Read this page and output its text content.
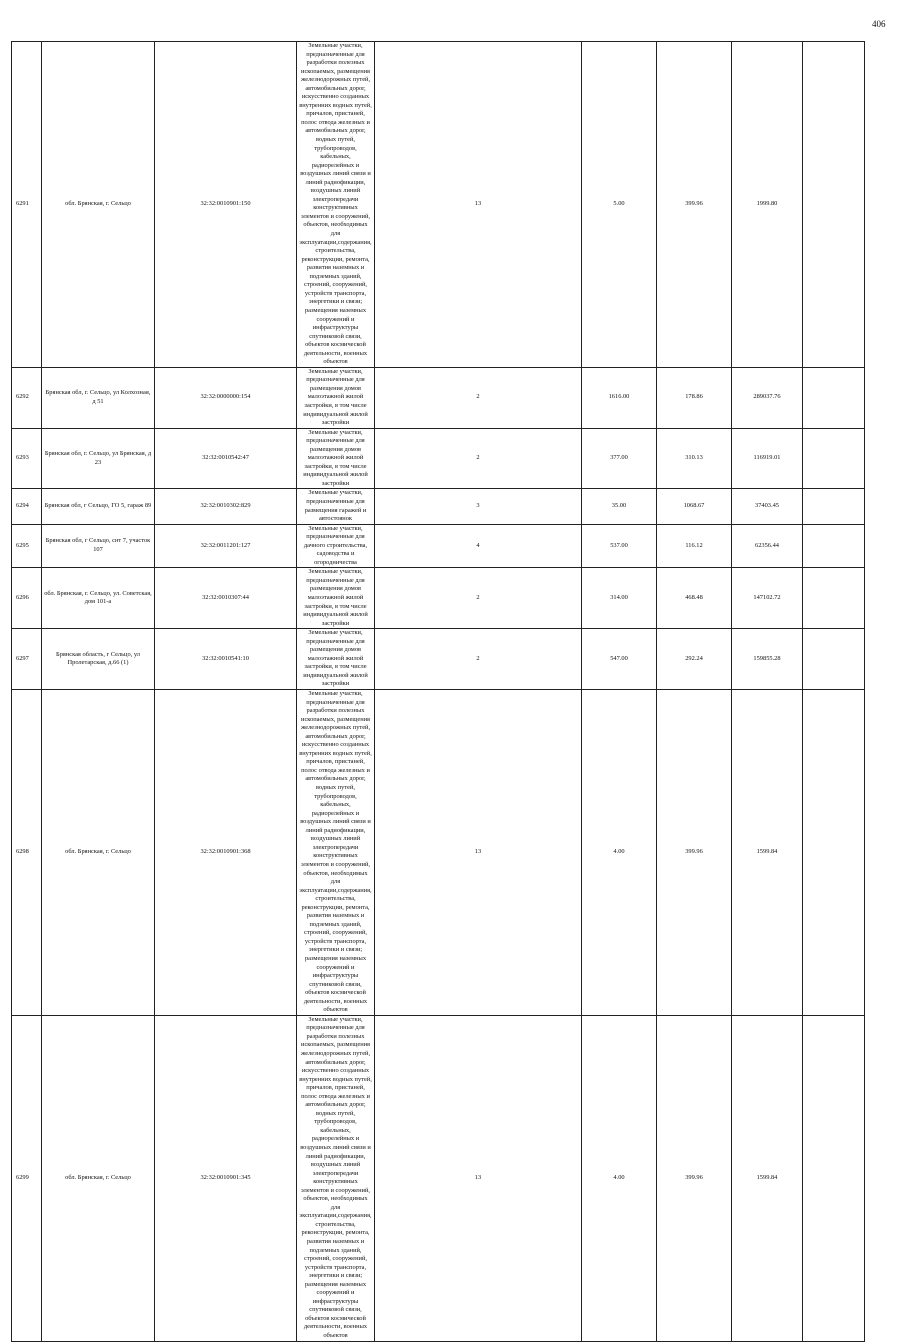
406
6291	обл. Брянская, г. Сельцо	32:32:0010901:150	Земельные участки, предназначенные для разработки полезных ископаемых, размещения железнодорожных путей, автомобильных дорог, искусственно созданных внутренних водных путей, причалов, пристаней, полос отвода железных и автомобильных дорог, водных путей, трубопроводов, кабельных, радиорелейных и воздушных линий связи и линий радиофикации, воздушных линий электропередачи конструктивных элементов и сооружений, объектов, необходимых для эксплуатации,содержания, строительства, реконструкции, ремонта, развития наземных и подземных зданий, строений, сооружений, устройств транспорта, энергетики и связи; размещения наземных сооружений и инфраструктуры спутниковой связи, объектов космической деятельности, военных объектов	13	5.00	399.96	1999.80	
6292	Брянская обл, г. Сельцо, ул Колхозная, д 51	32:32:0000000:154	Земельные участки, предназначенные для размещения домов малоэтажной жилой застройки, в том числе индивидуальной жилой застройки	2	1616.00	178.86	289037.76	
6293	Брянская обл, г. Сельцо, ул Брянская, д 23	32:32:0010542:47	Земельные участки, предназначенные для размещения домов малоэтажной жилой застройки, в том числе индивидуальной жилой застройки	2	377.00	310.13	116919.01	
6294	Брянская обл, г Сельцо, ГО 5, гараж 89	32:32:0010302:829	Земельные участки, предназначенные для размещения гаражей и автостоянок	3	35.00	1068.67	37403.45	
6295	Брянская обл, г Сельцо, снт 7, участок 107	32:32:0011201:127	Земельные участки, предназначенные для дачного строительства, садоводства и огородничества	4	537.00	116.12	62356.44	
6296	обл. Брянская, г. Сельцо, ул. Советская, дом 101-а	32:32:0010307:44	Земельные участки, предназначенные для размещения домов малоэтажной жилой застройки, в том числе индивидуальной жилой застройки	2	314.00	468.48	147102.72	
6297	Брянская область, г Сельцо, ул Пролетарская, д.66 (1)	32:32:0010541:10	Земельные участки, предназначенные для размещения домов малоэтажной жилой застройки, в том числе индивидуальной жилой застройки	2	547.00	292.24	159855.28	
6298	обл. Брянская, г. Сельцо	32:32:0010901:368	Земельные участки, предназначенные для разработки полезных ископаемых, размещения железнодорожных путей, автомобильных дорог, искусственно созданных внутренних водных путей, причалов, пристаней, полос отвода железных и автомобильных дорог, водных путей, трубопроводов, кабельных, радиорелейных и воздушных линий связи и линий радиофикации, воздушных линий электропередачи конструктивных элементов и сооружений, объектов, необходимых для эксплуатации,содержания, строительства, реконструкции, ремонта, развития наземных и подземных зданий, строений, сооружений, устройств транспорта, энергетики и связи; размещения наземных сооружений и инфраструктуры спутниковой связи, объектов космической деятельности, военных объектов	13	4.00	399.96	1599.84	
6299	обл. Брянская, г. Сельцо	32:32:0010901:345	Земельные участки, предназначенные для разработки полезных ископаемых, размещения железнодорожных путей, автомобильных дорог, искусственно созданных внутренних водных путей, причалов, пристаней, полос отвода железных и автомобильных дорог, водных путей, трубопроводов, кабельных, радиорелейных и воздушных линий связи и линий радиофикации, воздушных линий электропередачи конструктивных элементов и сооружений, объектов, необходимых для эксплуатации,содержания, строительства, реконструкции, ремонта, развития наземных и подземных зданий, строений, сооружений, устройств транспорта, энергетики и связи; размещения наземных сооружений и инфраструктуры спутниковой связи, объектов космической деятельности, военных объектов	13	4.00	399.96	1599.84	
